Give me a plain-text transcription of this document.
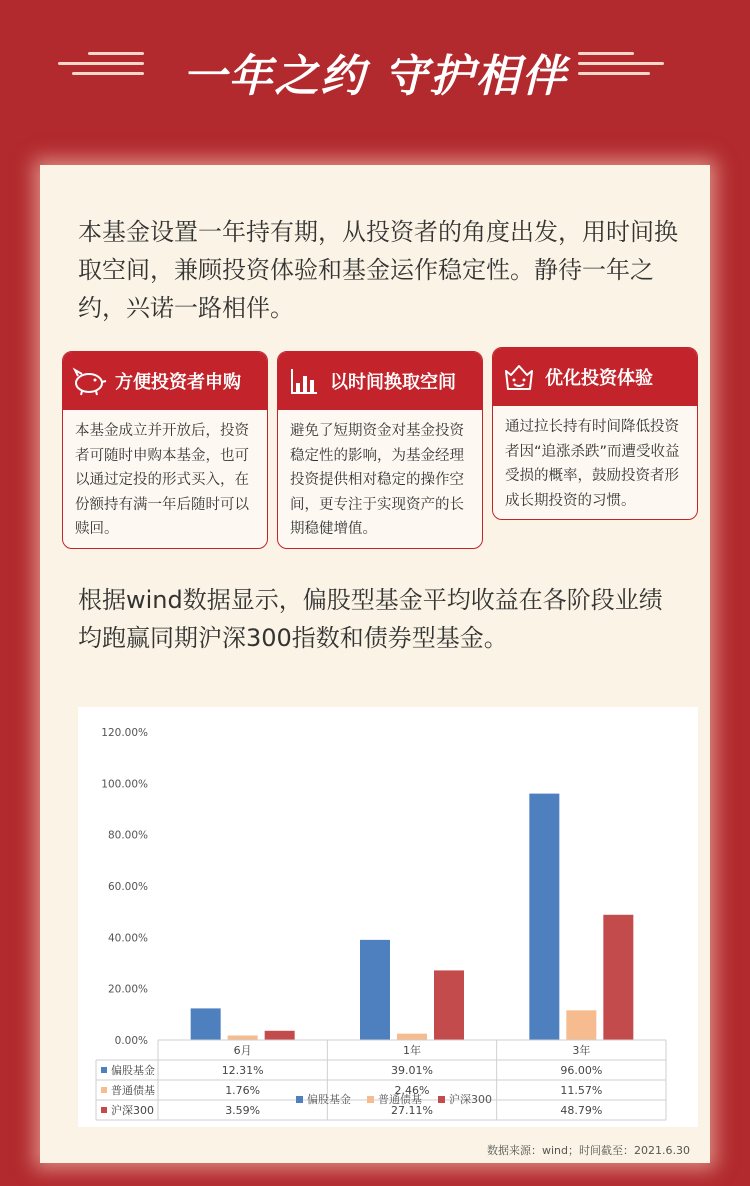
一年之约 守护相伴

本基金设置一年持有期，从投资者的角度出发，用时间换取空间，兼顾投资体验和基金运作稳定性。静待一年之约，兴诺一路相伴。

方便投资者申购
本基金成立并开放后，投资者可随时申购本基金，也可以通过定投的形式买入，在份额持有满一年后随时可以赎回。
以时间换取空间
避免了短期资金对基金投资稳定性的影响，为基金经理投资提供相对稳定的操作空间，更专注于实现资产的长期稳健增值。
优化投资体验
通过拉长持有时间降低投资者因“追涨杀跌”而遭受收益受损的概率，鼓励投资者形成长期投资的习惯。

根据wind数据显示，偏股型基金平均收益在各阶段业绩均跑赢同期沪深300指数和债券型基金。

0.00%
20.00%
40.00%
60.00%
80.00%
100.00%
120.00%
6月	1年	3年
偏股基金	12.31%	39.01%	96.00%
普通债基	1.76%	2.46%	11.57%
沪深300	3.59%	27.11%	48.79%
偏股基金 普通债基 沪深300
数据来源：wind；时间截至：2021.6.30
